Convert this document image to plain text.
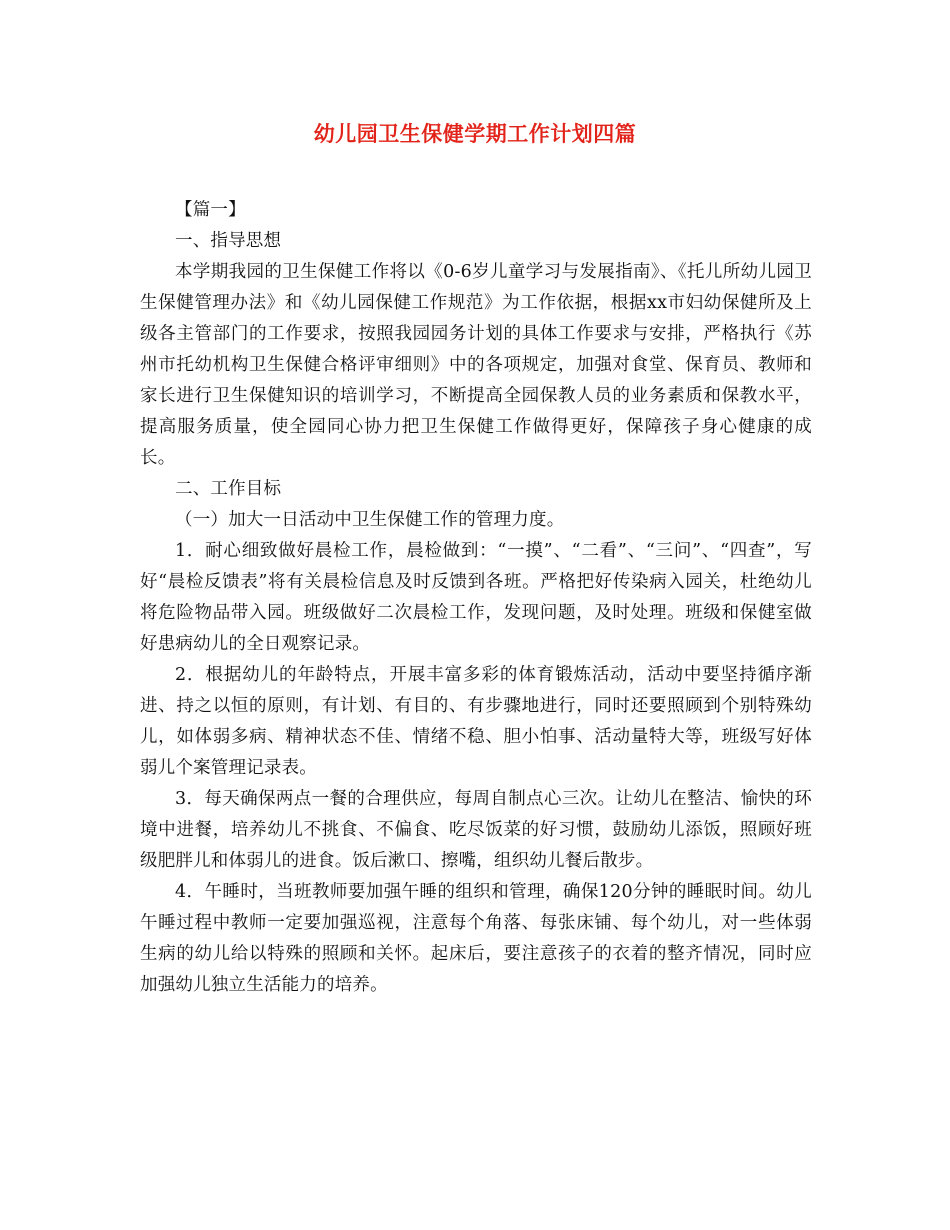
幼儿园卫生保健学期工作计划四篇

【篇一】

一、指导思想

本学期我园的卫生保健工作将以《0-6岁儿童学习与发展指南》、《托儿所幼儿园卫生保健管理办法》和《幼儿园保健工作规范》为工作依据，根据xx市妇幼保健所及上级各主管部门的工作要求，按照我园园务计划的具体工作要求与安排，严格执行《苏州市托幼机构卫生保健合格评审细则》中的各项规定，加强对食堂、保育员、教师和家长进行卫生保健知识的培训学习，不断提高全园保教人员的业务素质和保教水平，提高服务质量，使全园同心协力把卫生保健工作做得更好，保障孩子身心健康的成长。

二、工作目标

（一）加大一日活动中卫生保健工作的管理力度。

1．耐心细致做好晨检工作，晨检做到：“一摸”、“二看”、“三问”、“四查”，写好“晨检反馈表”将有关晨检信息及时反馈到各班。严格把好传染病入园关，杜绝幼儿将危险物品带入园。班级做好二次晨检工作，发现问题，及时处理。班级和保健室做好患病幼儿的全日观察记录。

2．根据幼儿的年龄特点，开展丰富多彩的体育锻炼活动，活动中要坚持循序渐进、持之以恒的原则，有计划、有目的、有步骤地进行，同时还要照顾到个别特殊幼儿，如体弱多病、精神状态不佳、情绪不稳、胆小怕事、活动量特大等，班级写好体弱儿个案管理记录表。

3．每天确保两点一餐的合理供应，每周自制点心三次。让幼儿在整洁、愉快的环境中进餐，培养幼儿不挑食、不偏食、吃尽饭菜的好习惯，鼓励幼儿添饭，照顾好班级肥胖儿和体弱儿的进食。饭后漱口、擦嘴，组织幼儿餐后散步。

4．午睡时，当班教师要加强午睡的组织和管理，确保120分钟的睡眠时间。幼儿午睡过程中教师一定要加强巡视，注意每个角落、每张床铺、每个幼儿，对一些体弱生病的幼儿给以特殊的照顾和关怀。起床后，要注意孩子的衣着的整齐情况，同时应加强幼儿独立生活能力的培养。
